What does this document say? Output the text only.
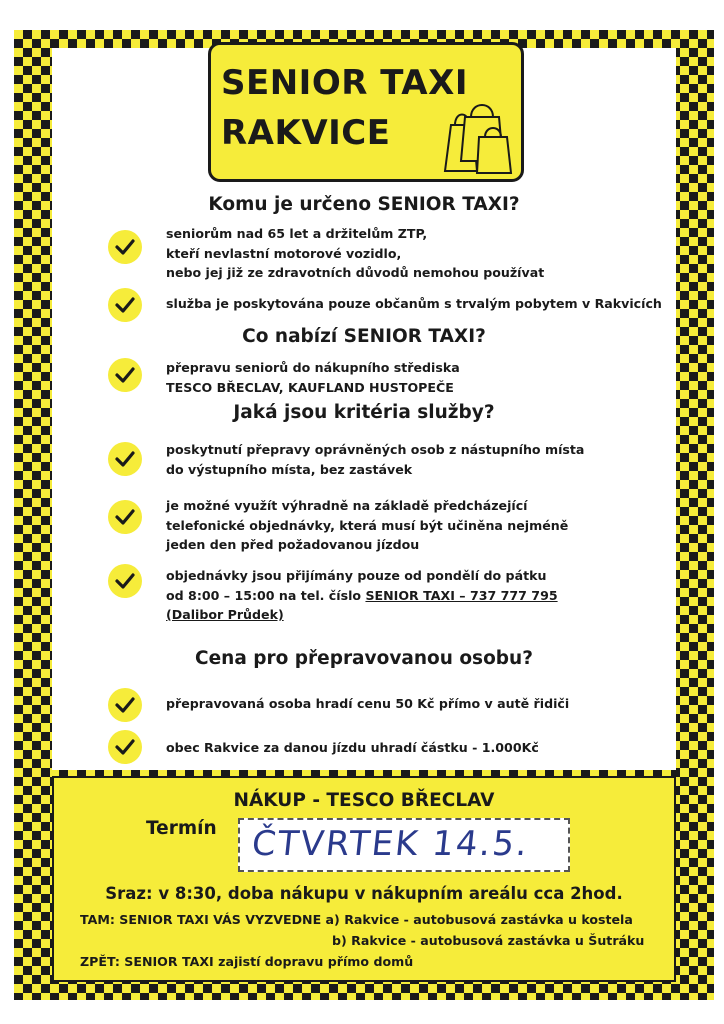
SENIOR TAXI
RAKVICE
Komu je určeno SENIOR TAXI?
seniorům nad 65 let a držitelům ZTP,
kteří nevlastní motorové vozidlo,
nebo jej již ze zdravotních důvodů nemohou používat
služba je poskytována pouze občanům s trvalým pobytem v Rakvicích
Co nabízí SENIOR TAXI?
přepravu seniorů do nákupního střediska
TESCO BŘECLAV, KAUFLAND HUSTOPEČE
Jaká jsou kritéria služby?
poskytnutí přepravy oprávněných osob z nástupního místa
do výstupního místa, bez zastávek
je možné využít výhradně na základě předcházející
telefonické objednávky, která musí být učiněna nejméně
jeden den před požadovanou jízdou
objednávky jsou přijímány pouze od pondělí do pátku
od 8:00 – 15:00 na tel. číslo SENIOR TAXI – 737 777 795
(Dalibor Průdek)
Cena pro přepravovanou osobu?
přepravovaná osoba hradí cenu 50 Kč přímo v autě řidiči
obec Rakvice za danou jízdu uhradí částku - 1.000Kč
NÁKUP - TESCO BŘECLAV
Termín ČTVRTEK 14.5.
Sraz: v 8:30, doba nákupu v nákupním areálu cca 2hod.
TAM: SENIOR TAXI VÁS VYZVEDNE a) Rakvice - autobusová zastávka u kostela
b) Rakvice - autobusová zastávka u Šutráku
ZPĚT: SENIOR TAXI zajistí dopravu přímo domů
